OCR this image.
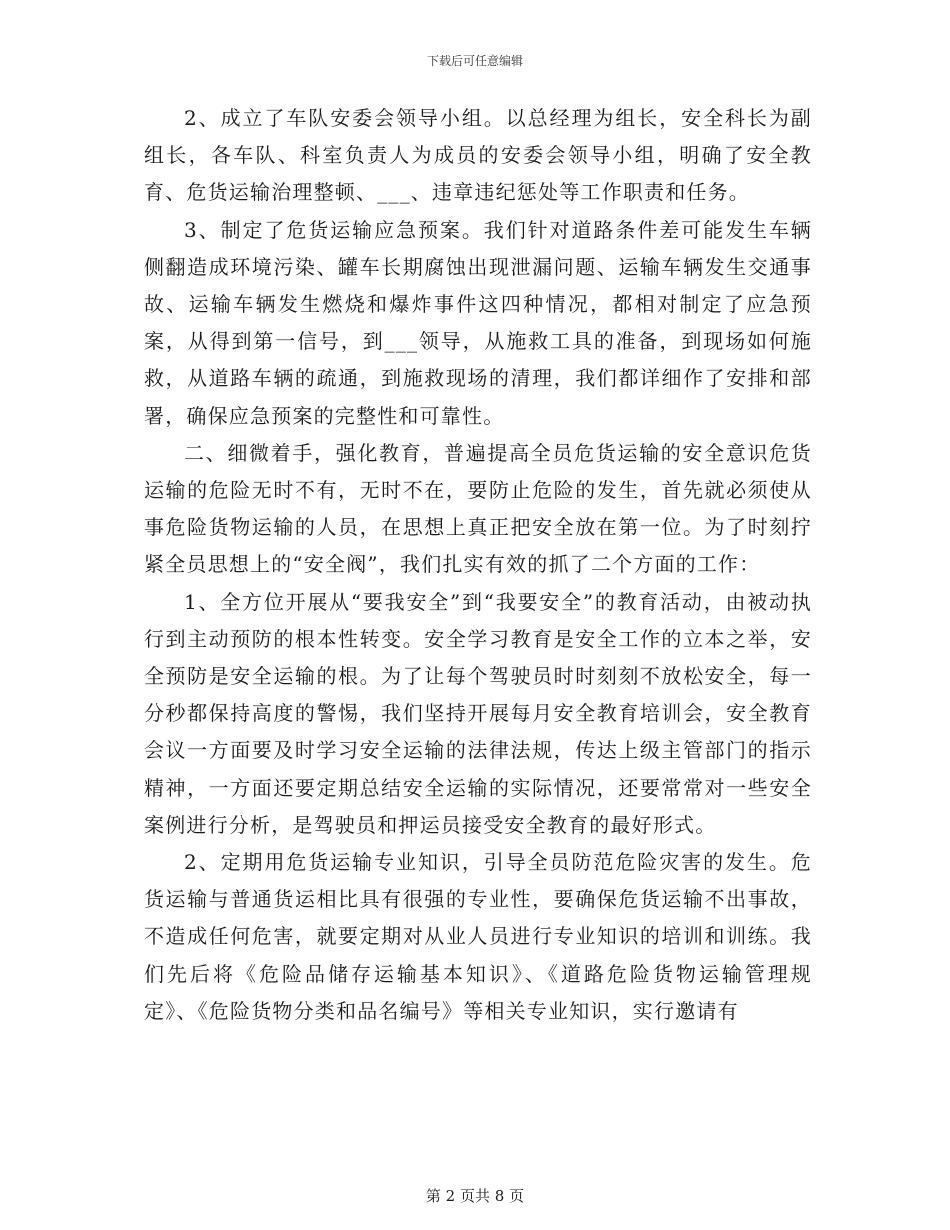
下载后可任意编辑

2、成立了车队安委会领导小组。以总经理为组长，安全科长为副组长，各车队、科室负责人为成员的安委会领导小组，明确了安全教育、危货运输治理整顿、___、违章违纪惩处等工作职责和任务。

3、制定了危货运输应急预案。我们针对道路条件差可能发生车辆侧翻造成环境污染、罐车长期腐蚀出现泄漏问题、运输车辆发生交通事故、运输车辆发生燃烧和爆炸事件这四种情况，都相对制定了应急预案，从得到第一信号，到___领导，从施救工具的准备，到现场如何施救，从道路车辆的疏通，到施救现场的清理，我们都详细作了安排和部署，确保应急预案的完整性和可靠性。

二、细微着手，强化教育，普遍提高全员危货运输的安全意识危货运输的危险无时不有，无时不在，要防止危险的发生，首先就必须使从事危险货物运输的人员，在思想上真正把安全放在第一位。为了时刻拧紧全员思想上的“安全阀”，我们扎实有效的抓了二个方面的工作：

1、全方位开展从“要我安全”到“我要安全”的教育活动，由被动执行到主动预防的根本性转变。安全学习教育是安全工作的立本之举，安全预防是安全运输的根。为了让每个驾驶员时时刻刻不放松安全，每一分秒都保持高度的警惕，我们坚持开展每月安全教育培训会，安全教育会议一方面要及时学习安全运输的法律法规，传达上级主管部门的指示精神，一方面还要定期总结安全运输的实际情况，还要常常对一些安全案例进行分析，是驾驶员和押运员接受安全教育的最好形式。

2、定期用危货运输专业知识，引导全员防范危险灾害的发生。危货运输与普通货运相比具有很强的专业性，要确保危货运输不出事故，不造成任何危害，就要定期对从业人员进行专业知识的培训和训练。我们先后将《危险品储存运输基本知识》、《道路危险货物运输管理规定》、《危险货物分类和品名编号》等相关专业知识，实行邀请有

第 2 页共 8 页
